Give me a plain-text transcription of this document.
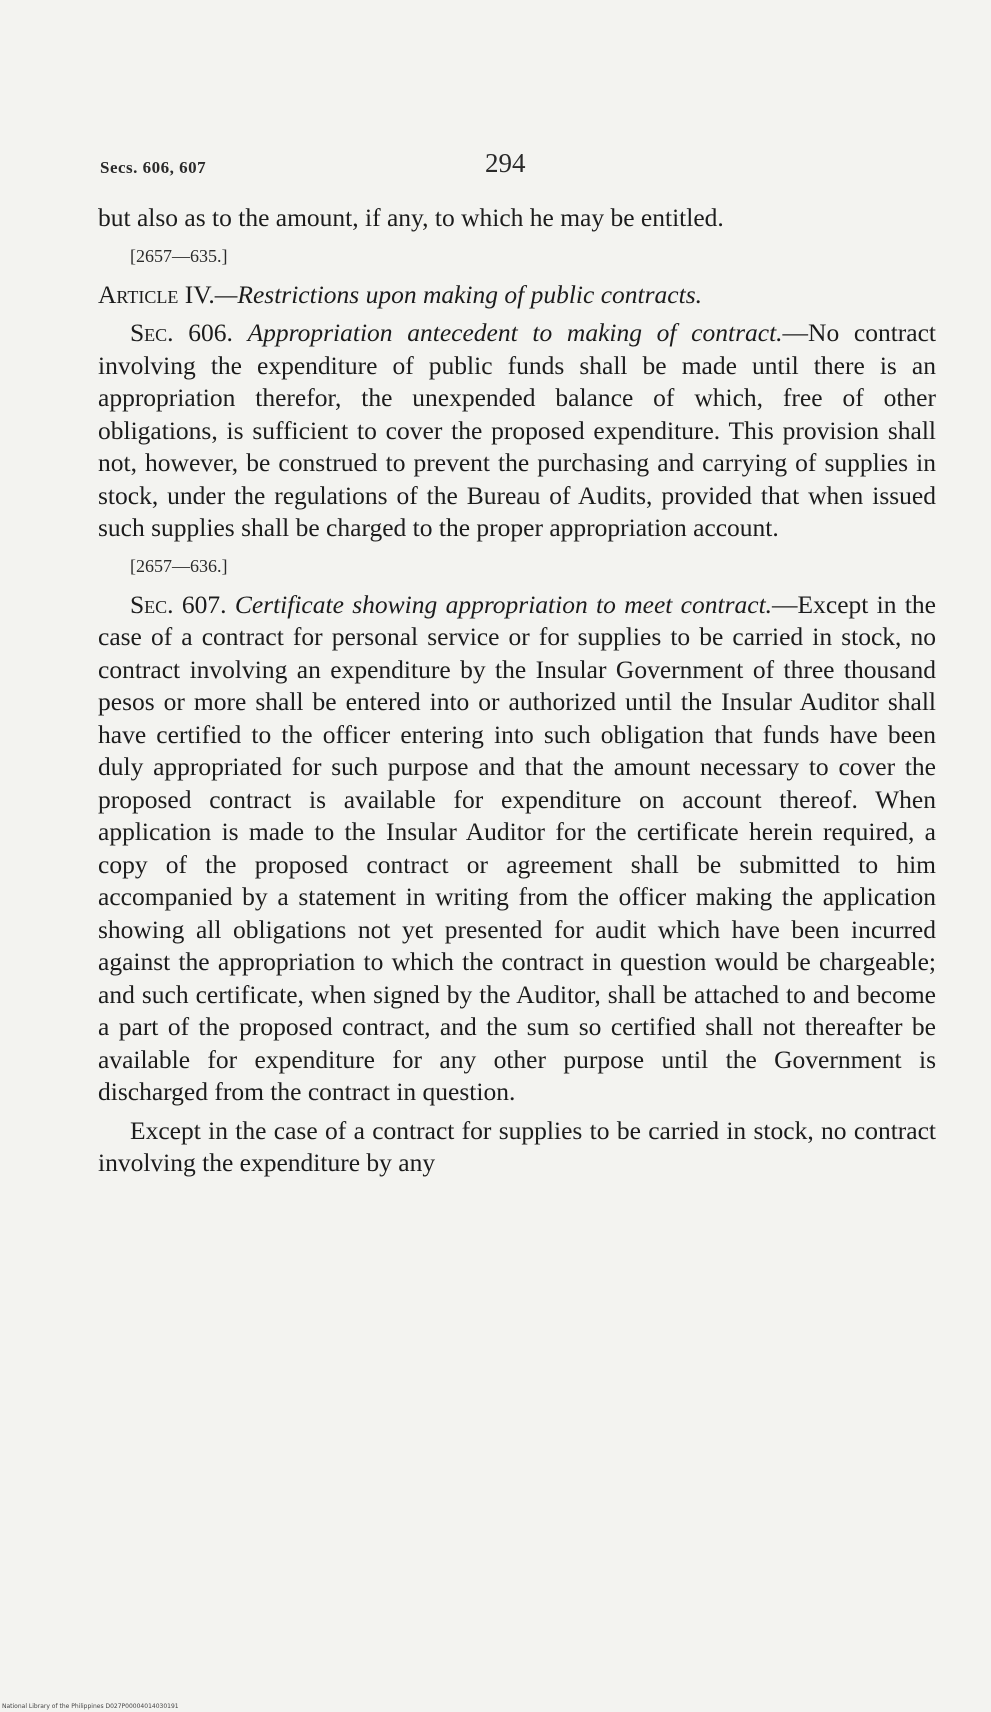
Secs. 606, 607	294

but also as to the amount, if any, to which he may be entitled.

[2657—635.]

Article IV.—Restrictions upon making of public contracts.

Sec. 606. Appropriation antecedent to making of contract.—No contract involving the expenditure of public funds shall be made until there is an appropriation therefor, the unexpended balance of which, free of other obligations, is sufficient to cover the proposed expenditure. This provision shall not, however, be construed to prevent the purchasing and carrying of supplies in stock, under the regulations of the Bureau of Audits, provided that when issued such supplies shall be charged to the proper appropriation account.

[2657—636.]

Sec. 607. Certificate showing appropriation to meet contract.—Except in the case of a contract for personal service or for supplies to be carried in stock, no contract involving an expenditure by the Insular Government of three thousand pesos or more shall be entered into or authorized until the Insular Auditor shall have certified to the officer entering into such obligation that funds have been duly appropriated for such purpose and that the amount necessary to cover the proposed contract is available for expenditure on account thereof. When application is made to the Insular Auditor for the certificate herein required, a copy of the proposed contract or agreement shall be submitted to him accompanied by a statement in writing from the officer making the application showing all obligations not yet presented for audit which have been incurred against the appropriation to which the contract in question would be chargeable; and such certificate, when signed by the Auditor, shall be attached to and become a part of the proposed contract, and the sum so certified shall not thereafter be available for expenditure for any other purpose until the Government is discharged from the contract in question.

Except in the case of a contract for supplies to be carried in stock, no contract involving the expenditure by any

National Library of the Philippines D027P00004014030191
